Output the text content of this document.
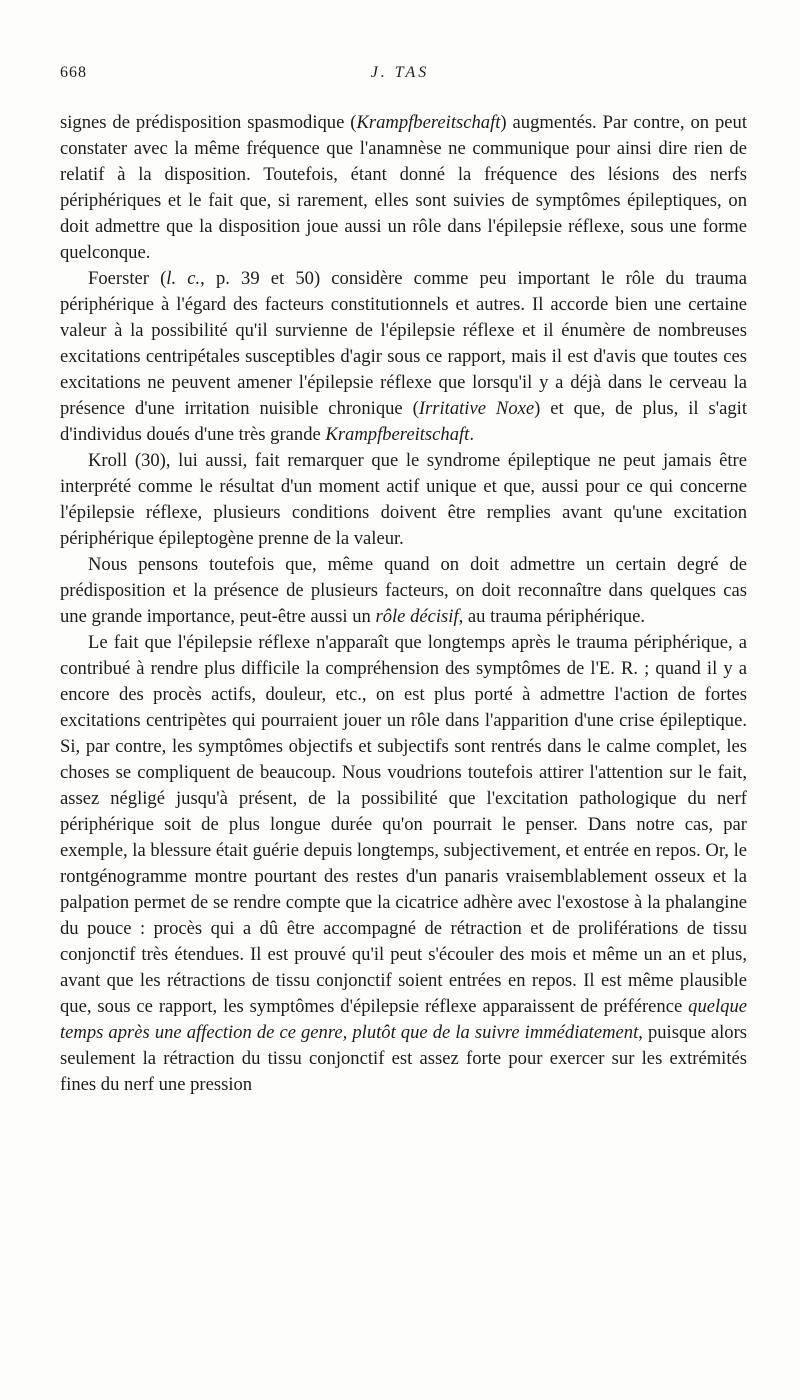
668	J. TAS

signes de prédisposition spasmodique (Krampfbereitschaft) augmentés. Par contre, on peut constater avec la même fréquence que l'anamnèse ne communique pour ainsi dire rien de relatif à la disposition. Toutefois, étant donné la fréquence des lésions des nerfs périphériques et le fait que, si rarement, elles sont suivies de symptômes épileptiques, on doit admettre que la disposition joue aussi un rôle dans l'épilepsie réflexe, sous une forme quelconque.

Foerster (l. c., p. 39 et 50) considère comme peu important le rôle du trauma périphérique à l'égard des facteurs constitutionnels et autres. Il accorde bien une certaine valeur à la possibilité qu'il survienne de l'épilepsie réflexe et il énumère de nombreuses excitations centripétales susceptibles d'agir sous ce rapport, mais il est d'avis que toutes ces excitations ne peuvent amener l'épilepsie réflexe que lorsqu'il y a déjà dans le cerveau la présence d'une irritation nuisible chronique (Irritative Noxe) et que, de plus, il s'agit d'individus doués d'une très grande Krampfbereitschaft.

Kroll (30), lui aussi, fait remarquer que le syndrome épileptique ne peut jamais être interprété comme le résultat d'un moment actif unique et que, aussi pour ce qui concerne l'épilepsie réflexe, plusieurs conditions doivent être remplies avant qu'une excitation périphérique épileptogène prenne de la valeur.

Nous pensons toutefois que, même quand on doit admettre un certain degré de prédisposition et la présence de plusieurs facteurs, on doit reconnaître dans quelques cas une grande importance, peut-être aussi un rôle décisif, au trauma périphérique.

Le fait que l'épilepsie réflexe n'apparaît que longtemps après le trauma périphérique, a contribué à rendre plus difficile la compréhension des symptômes de l'E. R. ; quand il y a encore des procès actifs, douleur, etc., on est plus porté à admettre l'action de fortes excitations centripètes qui pourraient jouer un rôle dans l'apparition d'une crise épileptique. Si, par contre, les symptômes objectifs et subjectifs sont rentrés dans le calme complet, les choses se compliquent de beaucoup. Nous voudrions toutefois attirer l'attention sur le fait, assez négligé jusqu'à présent, de la possibilité que l'excitation pathologique du nerf périphérique soit de plus longue durée qu'on pourrait le penser. Dans notre cas, par exemple, la blessure était guérie depuis longtemps, subjectivement, et entrée en repos. Or, le rontgénogramme montre pourtant des restes d'un panaris vraisemblablement osseux et la palpation permet de se rendre compte que la cicatrice adhère avec l'exostose à la phalangine du pouce : procès qui a dû être accompagné de rétraction et de proliférations de tissu conjonctif très étendues. Il est prouvé qu'il peut s'écouler des mois et même un an et plus, avant que les rétractions de tissu conjonctif soient entrées en repos. Il est même plausible que, sous ce rapport, les symptômes d'épilepsie réflexe apparaissent de préférence quelque temps après une affection de ce genre, plutôt que de la suivre immédiatement, puisque alors seulement la rétraction du tissu conjonctif est assez forte pour exercer sur les extrémités fines du nerf une pression
